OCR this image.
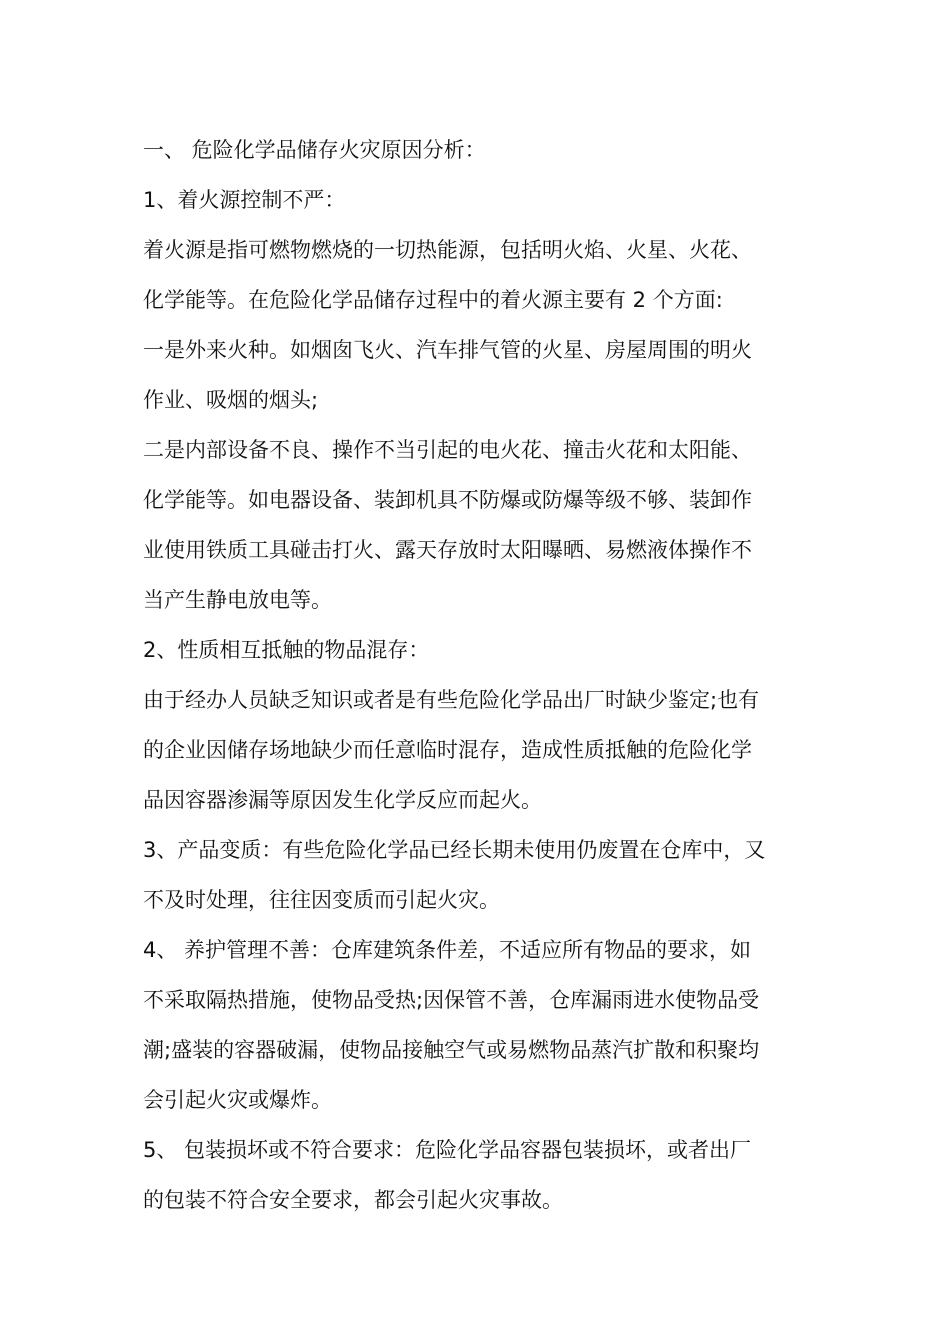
一、 危险化学品储存火灾原因分析：

1、着火源控制不严：

着火源是指可燃物燃烧的一切热能源，包括明火焰、火星、火花、

化学能等。在危险化学品储存过程中的着火源主要有 2 个方面:

一是外来火种。如烟囱飞火、汽车排气管的火星、房屋周围的明火

作业、吸烟的烟头;

二是内部设备不良、操作不当引起的电火花、撞击火花和太阳能、

化学能等。如电器设备、装卸机具不防爆或防爆等级不够、装卸作

业使用铁质工具碰击打火、露天存放时太阳曝晒、易燃液体操作不

当产生静电放电等。

2、性质相互抵触的物品混存：

由于经办人员缺乏知识或者是有些危险化学品出厂时缺少鉴定;也有

的企业因储存场地缺少而任意临时混存，造成性质抵触的危险化学

品因容器渗漏等原因发生化学反应而起火。

3、产品变质：有些危险化学品已经长期未使用仍废置在仓库中，又

不及时处理，往往因变质而引起火灾。

4、 养护管理不善：仓库建筑条件差，不适应所有物品的要求，如

不采取隔热措施，使物品受热;因保管不善，仓库漏雨进水使物品受

潮;盛装的容器破漏，使物品接触空气或易燃物品蒸汽扩散和积聚均

会引起火灾或爆炸。

5、 包装损坏或不符合要求：危险化学品容器包装损坏，或者出厂

的包装不符合安全要求，都会引起火灾事故。
